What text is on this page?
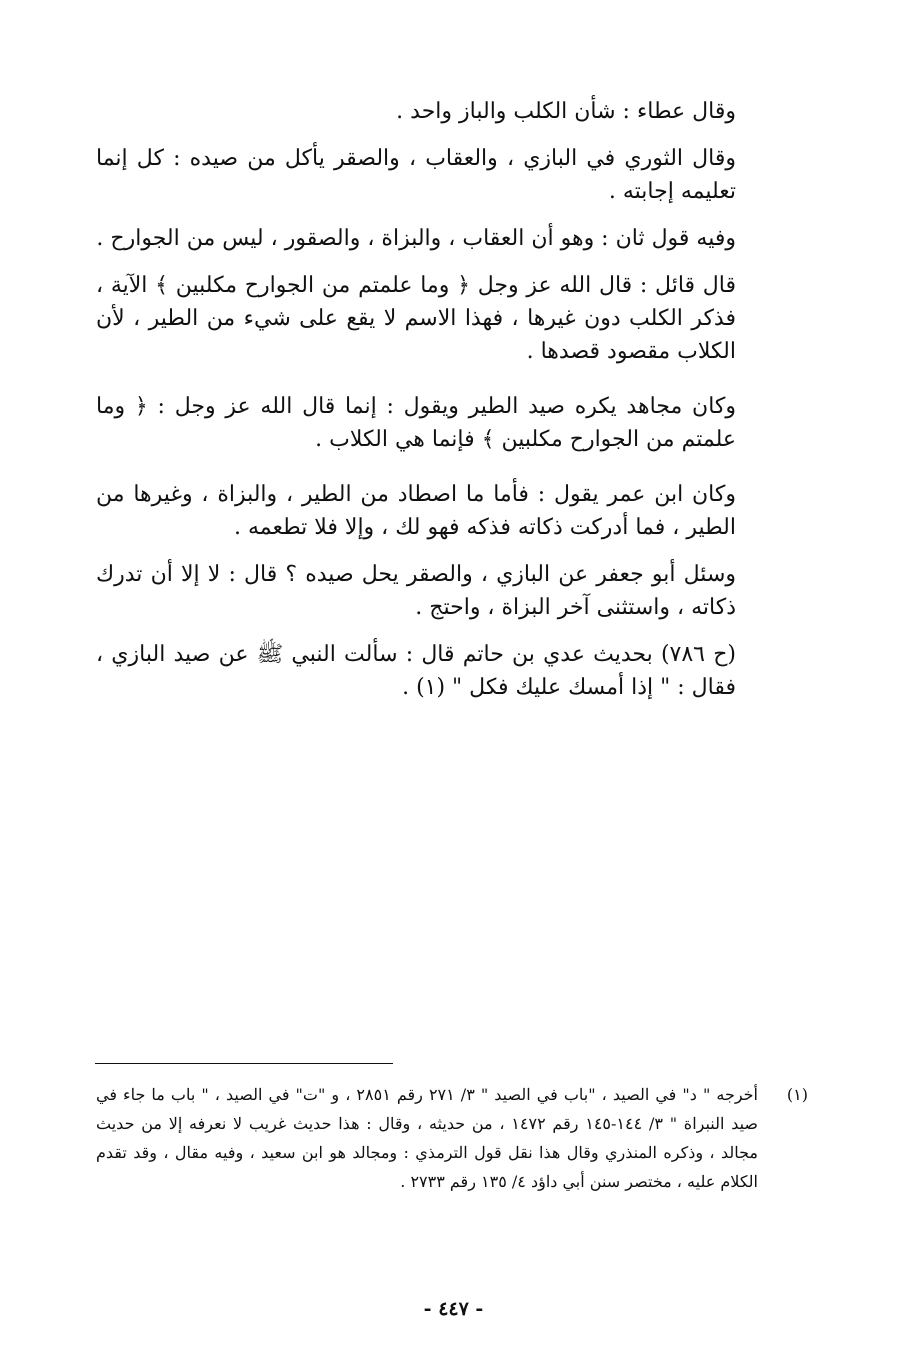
وقال عطاء : شأن الكلب والباز واحد .

وقال الثوري في البازي ، والعقاب ، والصقر يأكل من صيده : كل إنما تعليمه إجابته .

وفيه قول ثان : وهو أن العقاب ، والبزاة ، والصقور ، ليس من الجوارح .

قال قائل : قال الله عز وجل ﴿ وما علمتم من الجوارح مكلبين ﴾ الآية ، فذكر الكلب دون غيرها ، فهذا الاسم لا يقع على شيء من الطير ، لأن الكلاب مقصود قصدها .

وكان مجاهد يكره صيد الطير ويقول : إنما قال الله عز وجل : ﴿ وما علمتم من الجوارح مكلبين ﴾ فإنما هي الكلاب .

وكان ابن عمر يقول : فأما ما اصطاد من الطير ، والبزاة ، وغيرها من الطير ، فما أدركت ذكاته فذكه فهو لك ، وإلا فلا تطعمه .

وسئل أبو جعفر عن البازي ، والصقر يحل صيده ؟ قال : لا إلا أن تدرك ذكاته ، واستثنى آخر البزاة ، واحتج .

(ح ٧٨٦) بحديث عدي بن حاتم قال : سألت النبي ﷺ عن صيد البازي ، فقال : " إذا أمسك عليك فكل " (١) .

(١)
أخرجه " د" في الصيد ، "باب في الصيد " ٣/ ٢٧١ رقم ٢٨٥١ ، و "ت" في الصيد ، " باب ما جاء في صيد النبراة " ٣/ ١٤٤-١٤٥ رقم ١٤٧٢ ، من حديثه ، وقال : هذا حديث غريب لا نعرفه إلا من حديث مجالد ، وذكره المنذري وقال هذا نقل قول الترمذي : ومجالد هو ابن سعيد ، وفيه مقال ، وقد تقدم الكلام عليه ، مختصر سنن أبي داؤد ٤/ ١٣٥ رقم ٢٧٣٣ .
- ٤٤٧ -
